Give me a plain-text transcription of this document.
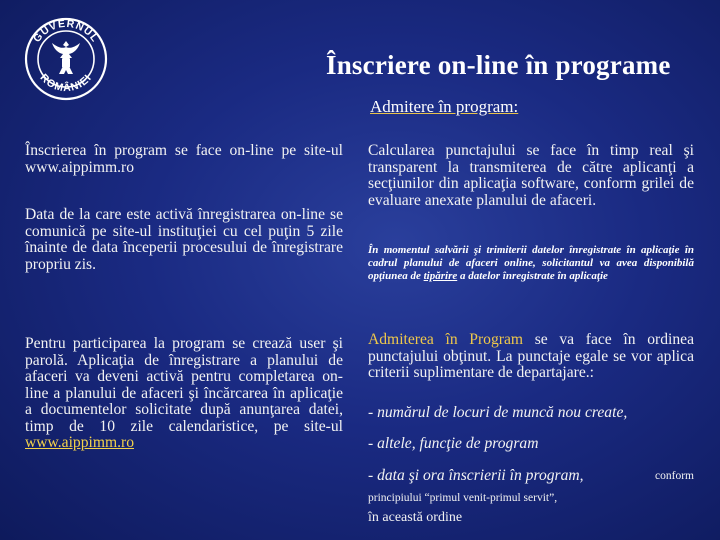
GUVERNUL
ROMÂNIEI	Înscriere on-line în programe
Admitere în program:
Înscrierea în program se face on-line pe site-ul www.aippimm.ro
Data de la care este activă înregistrarea on-line se comunică pe site-ul instituţiei cu cel puţin 5 zile înainte de data începerii procesului de înregistrare propriu zis.
Pentru participarea la program se crează user şi parolă. Aplicaţia de înregistrare a planului de afaceri va deveni activă pentru completarea on-line a planului de afaceri şi încărcarea în aplicaţie a documentelor solicitate după anunţarea datei, timp de 10 zile calendaristice, pe site-ul www.aippimm.ro
Calcularea punctajului se face în timp real şi transparent la transmiterea de către aplicanţi a secţiunilor din aplicaţia software, conform grilei de evaluare anexate planului de afaceri.
În momentul salvării şi trimiterii datelor înregistrate în aplicaţie în cadrul planului de afaceri online, solicitantul va avea disponibilă opţiunea de tipărire a datelor înregistrate în aplicaţie
Admiterea în Program se va face în ordinea punctajului obţinut. La punctaje egale se vor aplica criterii suplimentare de departajare.:
- numărul de locuri de muncă nou create,
- altele, funcţie de program
- data şi ora înscrierii în program,	conform
principiului “primul venit-primul servit”,
în această ordine
